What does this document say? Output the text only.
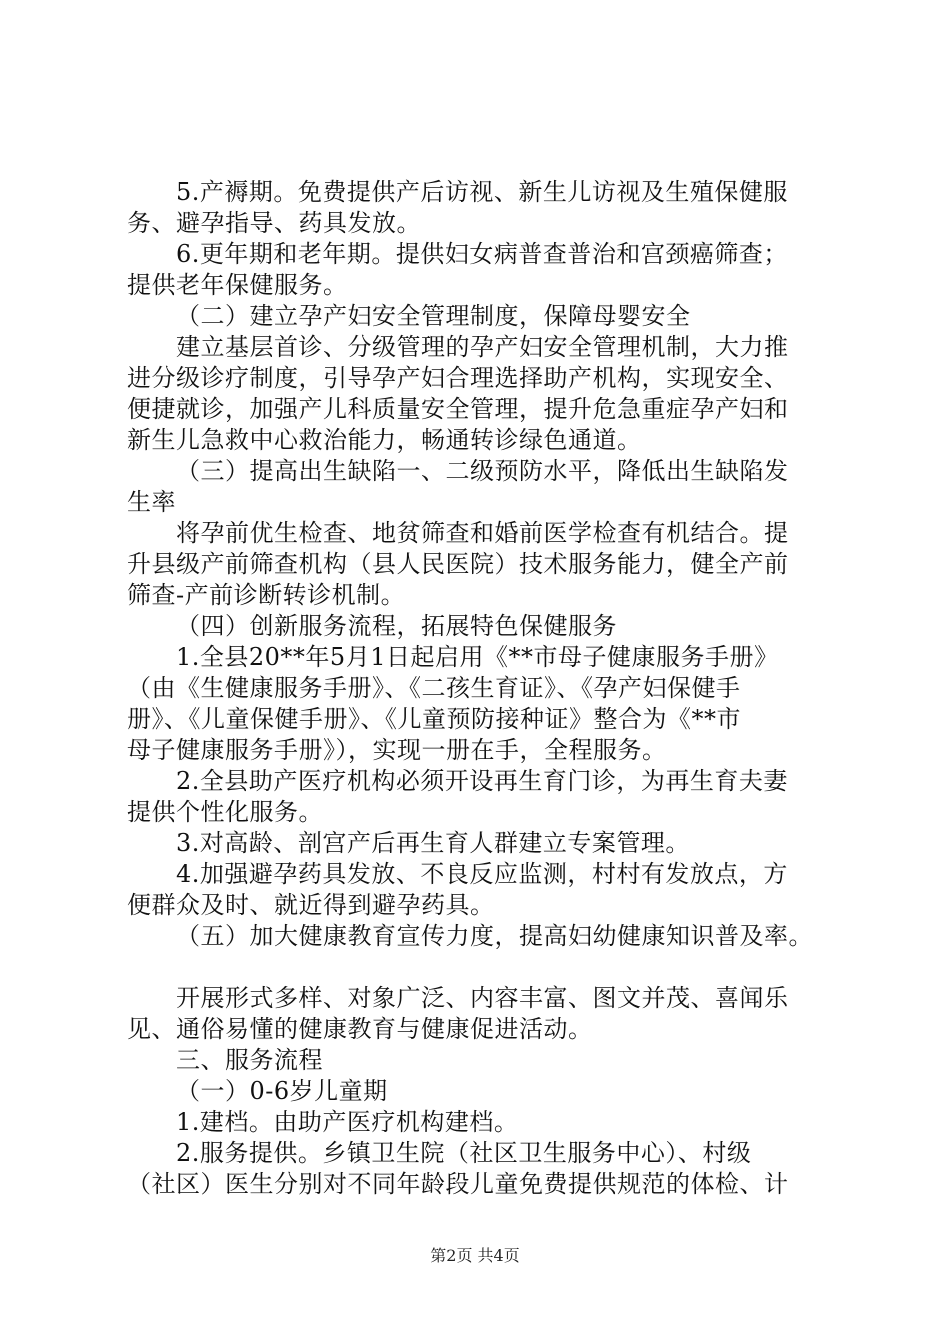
5.产褥期。免费提供产后访视、新生儿访视及生殖保健服
务、避孕指导、药具发放。
6.更年期和老年期。提供妇女病普查普治和宫颈癌筛查；
提供老年保健服务。
（二）建立孕产妇安全管理制度，保障母婴安全
建立基层首诊、分级管理的孕产妇安全管理机制，大力推
进分级诊疗制度，引导孕产妇合理选择助产机构，实现安全、
便捷就诊，加强产儿科质量安全管理，提升危急重症孕产妇和
新生儿急救中心救治能力，畅通转诊绿色通道。
（三）提高出生缺陷一、二级预防水平，降低出生缺陷发
生率
将孕前优生检查、地贫筛查和婚前医学检查有机结合。提
升县级产前筛查机构（县人民医院）技术服务能力，健全产前
筛查-产前诊断转诊机制。
（四）创新服务流程，拓展特色保健服务
1.全县20**年5月1日起启用《**市母子健康服务手册》
（由《生健康服务手册》、《二孩生育证》、《孕产妇保健手
册》、《儿童保健手册》、《儿童预防接种证》整合为《**市
母子健康服务手册》），实现一册在手，全程服务。
2.全县助产医疗机构必须开设再生育门诊，为再生育夫妻
提供个性化服务。
3.对高龄、剖宫产后再生育人群建立专案管理。
4.加强避孕药具发放、不良反应监测，村村有发放点，方
便群众及时、就近得到避孕药具。
（五）加大健康教育宣传力度，提高妇幼健康知识普及率。
开展形式多样、对象广泛、内容丰富、图文并茂、喜闻乐
见、通俗易懂的健康教育与健康促进活动。
三、服务流程
（一）0-6岁儿童期
1.建档。由助产医疗机构建档。
2.服务提供。乡镇卫生院（社区卫生服务中心）、村级
（社区）医生分别对不同年龄段儿童免费提供规范的体检、计
第2页 共4页
